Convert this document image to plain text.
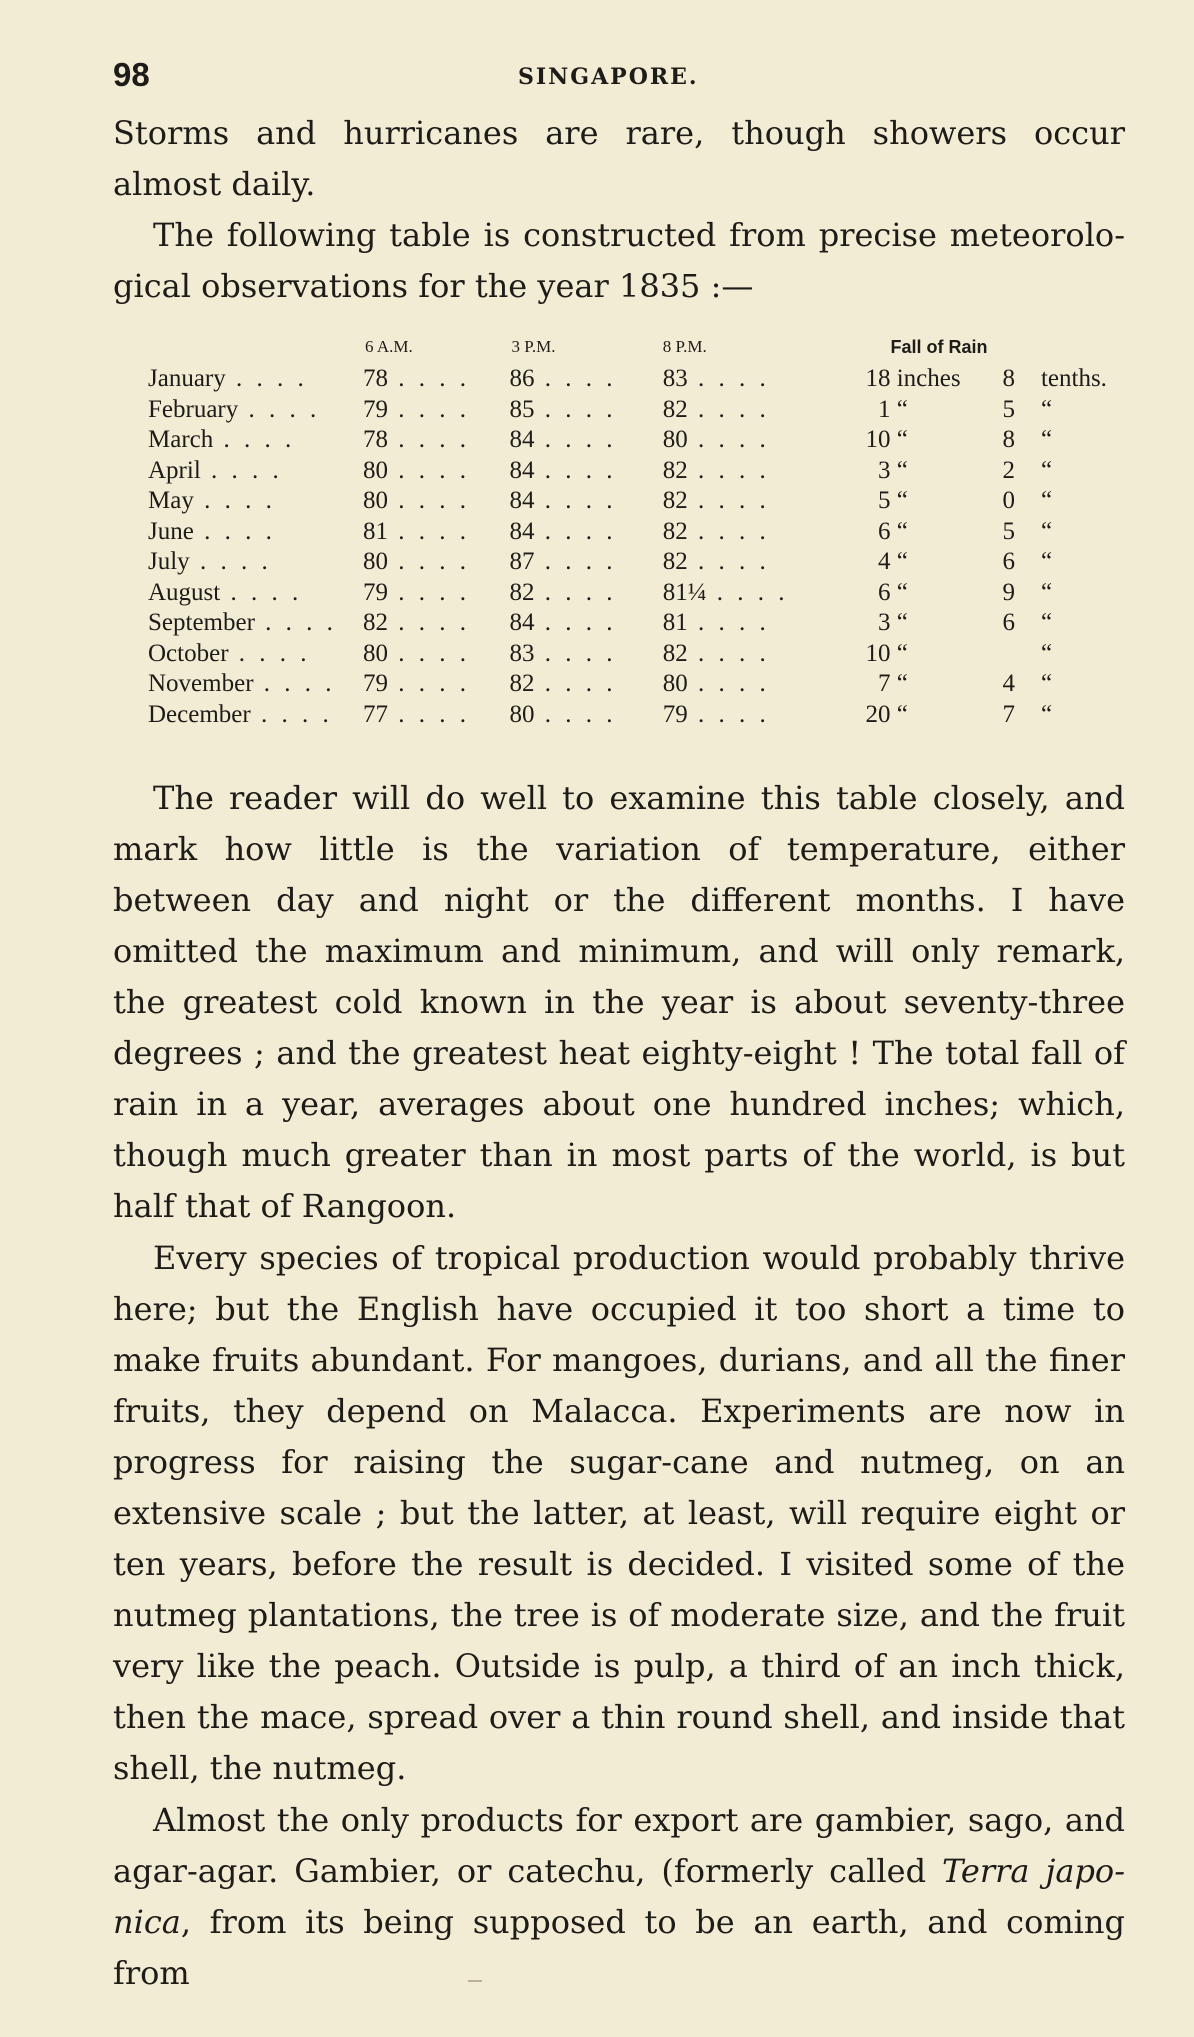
98	SINGAPORE.

Storms and hurricanes are rare, though showers occur almost daily.

The following table is constructed from precise meteorological observations for the year 1835 :—

	6 A.M.	3 P.M.	8 P.M.	Fall of Rain
January . . . .	78 . . . .	86 . . . .	83 . . . .	18 inches 8 tenths.
February . . . .	79 . . . .	85 . . . .	82 . . . .	1 “ 5 “
March . . . .	78 . . . .	84 . . . .	80 . . . .	10 “ 8 “
April . . . .	80 . . . .	84 . . . .	82 . . . .	3 “ 2 “
May . . . .	80 . . . .	84 . . . .	82 . . . .	5 “ 0 “
June . . . .	81 . . . .	84 . . . .	82 . . . .	6 “ 5 “
July . . . .	80 . . . .	87 . . . .	82 . . . .	4 “ 6 “
August . . . .	79 . . . .	82 . . . .	81¼ . . . .	6 “ 9 “
September . . . .	82 . . . .	84 . . . .	81 . . . .	3 “ 6 “
October . . . .	80 . . . .	83 . . . .	82 . . . .	10 “ “
November . . . .	79 . . . .	82 . . . .	80 . . . .	7 “ 4 “
December . . . .	77 . . . .	80 . . . .	79 . . . .	20 “ 7 “

The reader will do well to examine this table closely, and mark how little is the variation of temperature, either between day and night or the different months. I have omitted the maximum and minimum, and will only remark, the greatest cold known in the year is about seventy-three degrees ; and the greatest heat eighty-eight ! The total fall of rain in a year, averages about one hundred inches; which, though much greater than in most parts of the world, is but half that of Rangoon.

Every species of tropical production would probably thrive here; but the English have occupied it too short a time to make fruits abundant. For mangoes, durians, and all the finer fruits, they depend on Malacca. Experiments are now in progress for raising the sugar-cane and nutmeg, on an extensive scale ; but the latter, at least, will require eight or ten years, before the result is decided. I visited some of the nutmeg plantations, the tree is of moderate size, and the fruit very like the peach. Outside is pulp, a third of an inch thick, then the mace, spread over a thin round shell, and inside that shell, the nutmeg.

Almost the only products for export are gambier, sago, and agar-agar. Gambier, or catechu, (formerly called Terra japonica, from its being supposed to be an earth, and coming from
